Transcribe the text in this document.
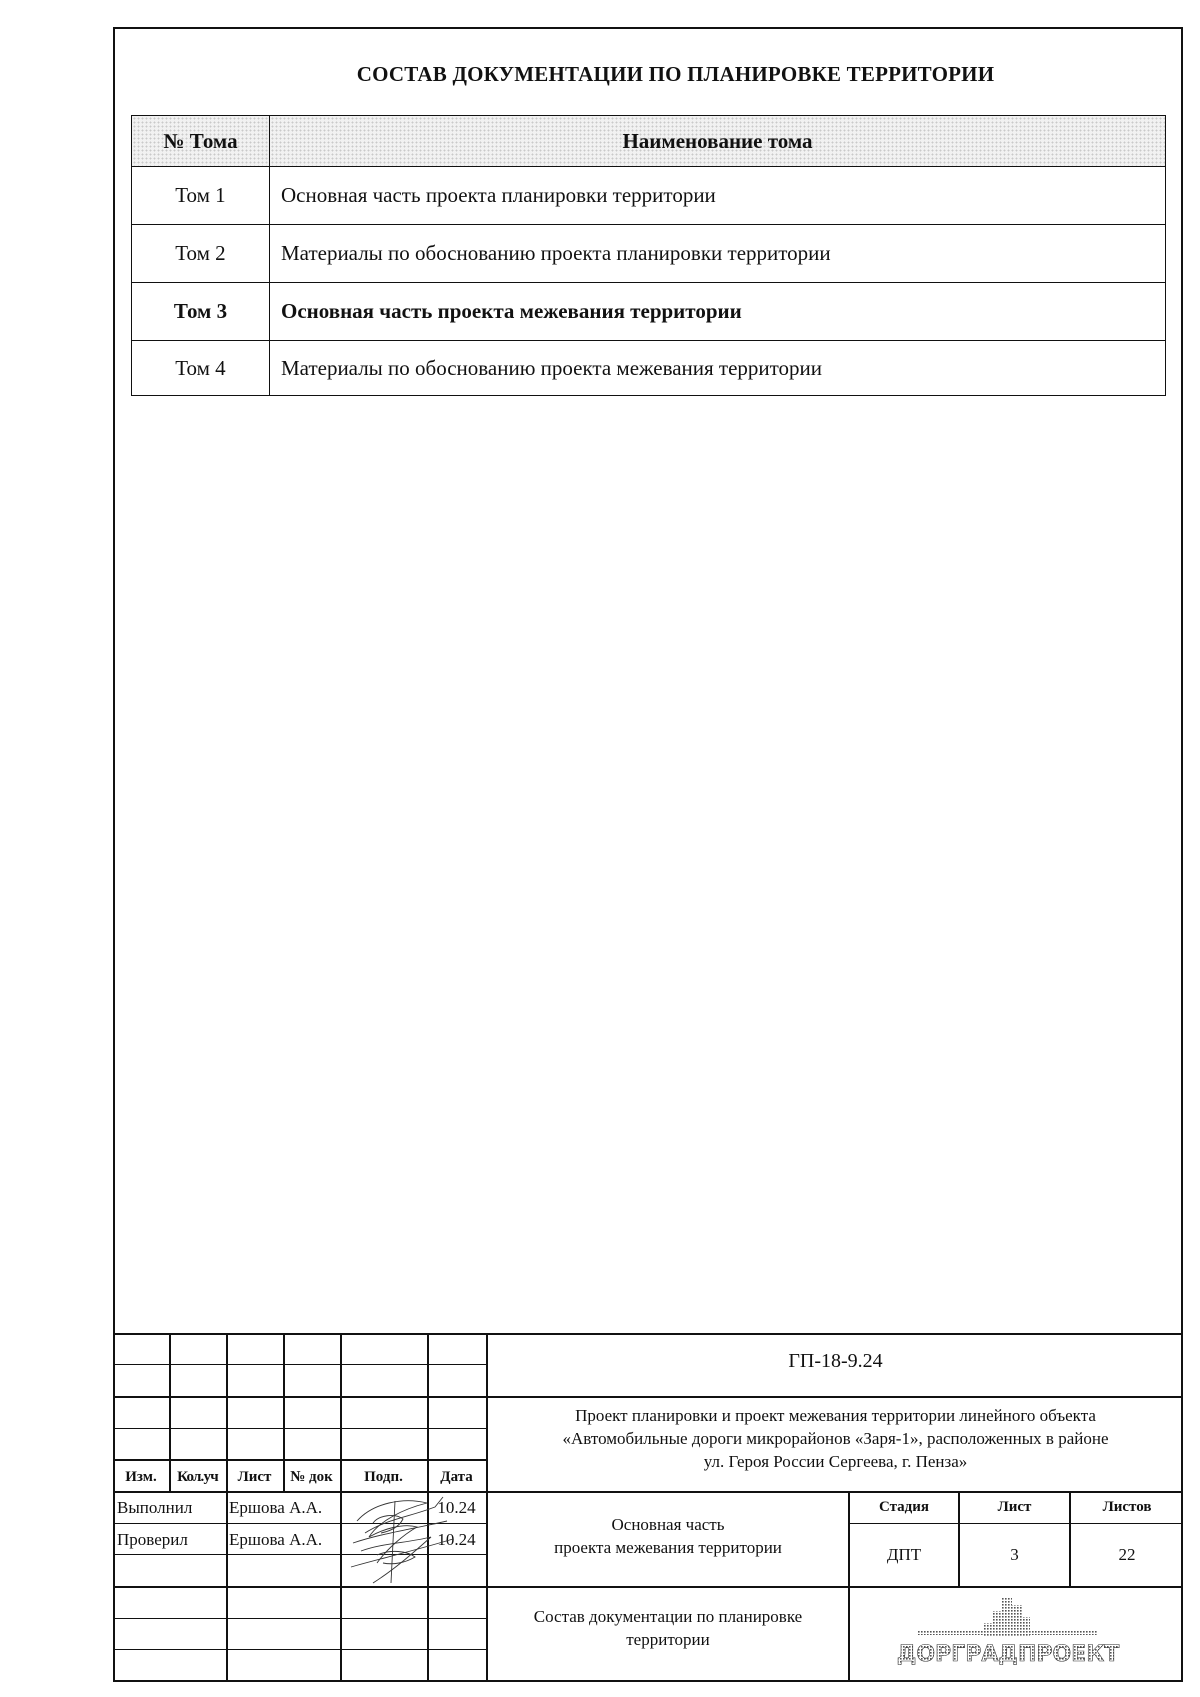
СОСТАВ ДОКУМЕНТАЦИИ ПО ПЛАНИРОВКЕ ТЕРРИТОРИИ
№ Тома	Наименование тома
Том 1	Основная часть проекта планировки территории
Том 2	Материалы по обоснованию проекта планировки территории
Том 3	Основная часть проекта межевания территории
Том 4	Материалы по обоснованию проекта межевания территории
ГП-18-9.24
Проект планировки и проект межевания территории линейного объекта
«Автомобильные дороги микрорайонов «Заря-1», расположенных в районе
ул. Героя России Сергеева, г. Пенза»
Изм.	Кол.уч	Лист	№ док	Подп.	Дата
Выполнил Ершова А.А.	10.24
Проверил Ершова А.А.	10.24
Основная часть
проекта межевания территории
Стадия	Лист	Листов
ДПТ	3	22
Состав документации по планировке
территории
ДОРГРАДПРОЕКТ
